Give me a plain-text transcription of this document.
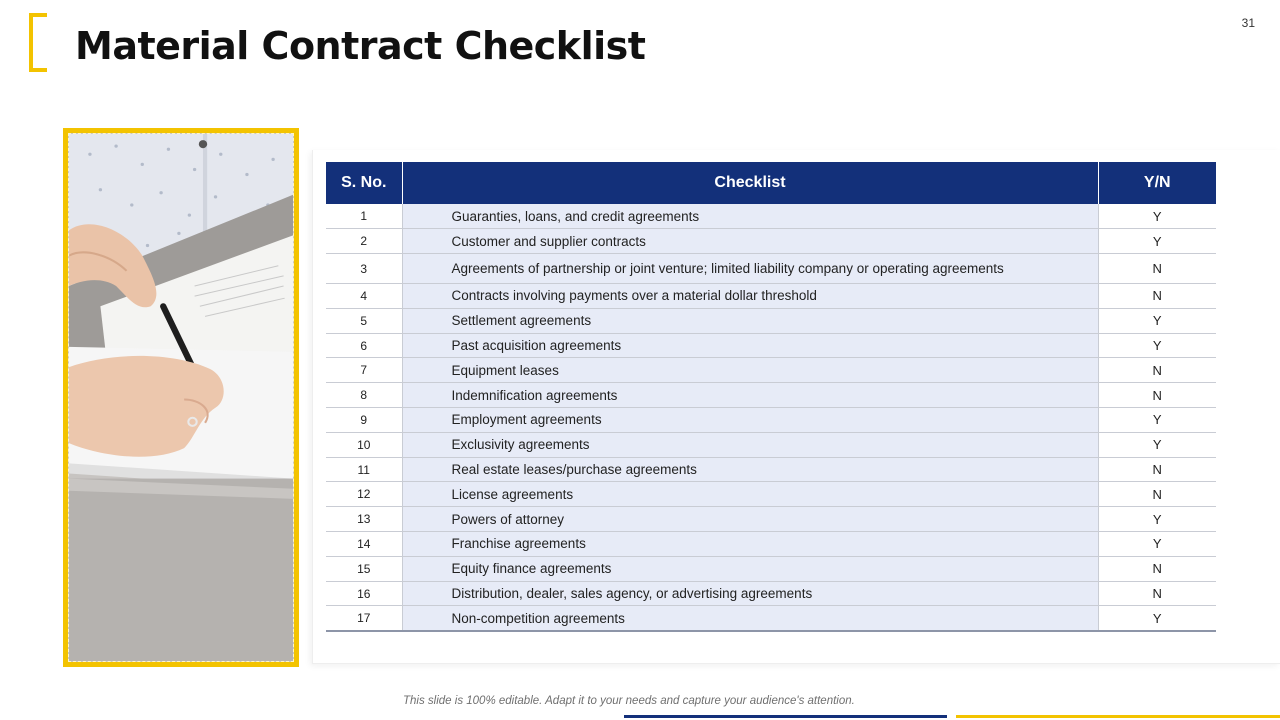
Material Contract Checklist
31
S. No.	Checklist	Y/N
1	Guaranties, loans, and credit agreements	Y
2	Customer and supplier contracts	Y
3	Agreements of partnership or joint venture; limited liability company or operating agreements	N
4	Contracts involving payments over a material dollar threshold	N
5	Settlement agreements	Y
6	Past acquisition agreements	Y
7	Equipment leases	N
8	Indemnification agreements	N
9	Employment agreements	Y
10	Exclusivity agreements	Y
11	Real estate leases/purchase agreements	N
12	License agreements	N
13	Powers of attorney	Y
14	Franchise agreements	Y
15	Equity finance agreements	N
16	Distribution, dealer, sales agency, or advertising agreements	N
17	Non-competition agreements	Y
This slide is 100% editable. Adapt it to your needs and capture your audience's attention.
